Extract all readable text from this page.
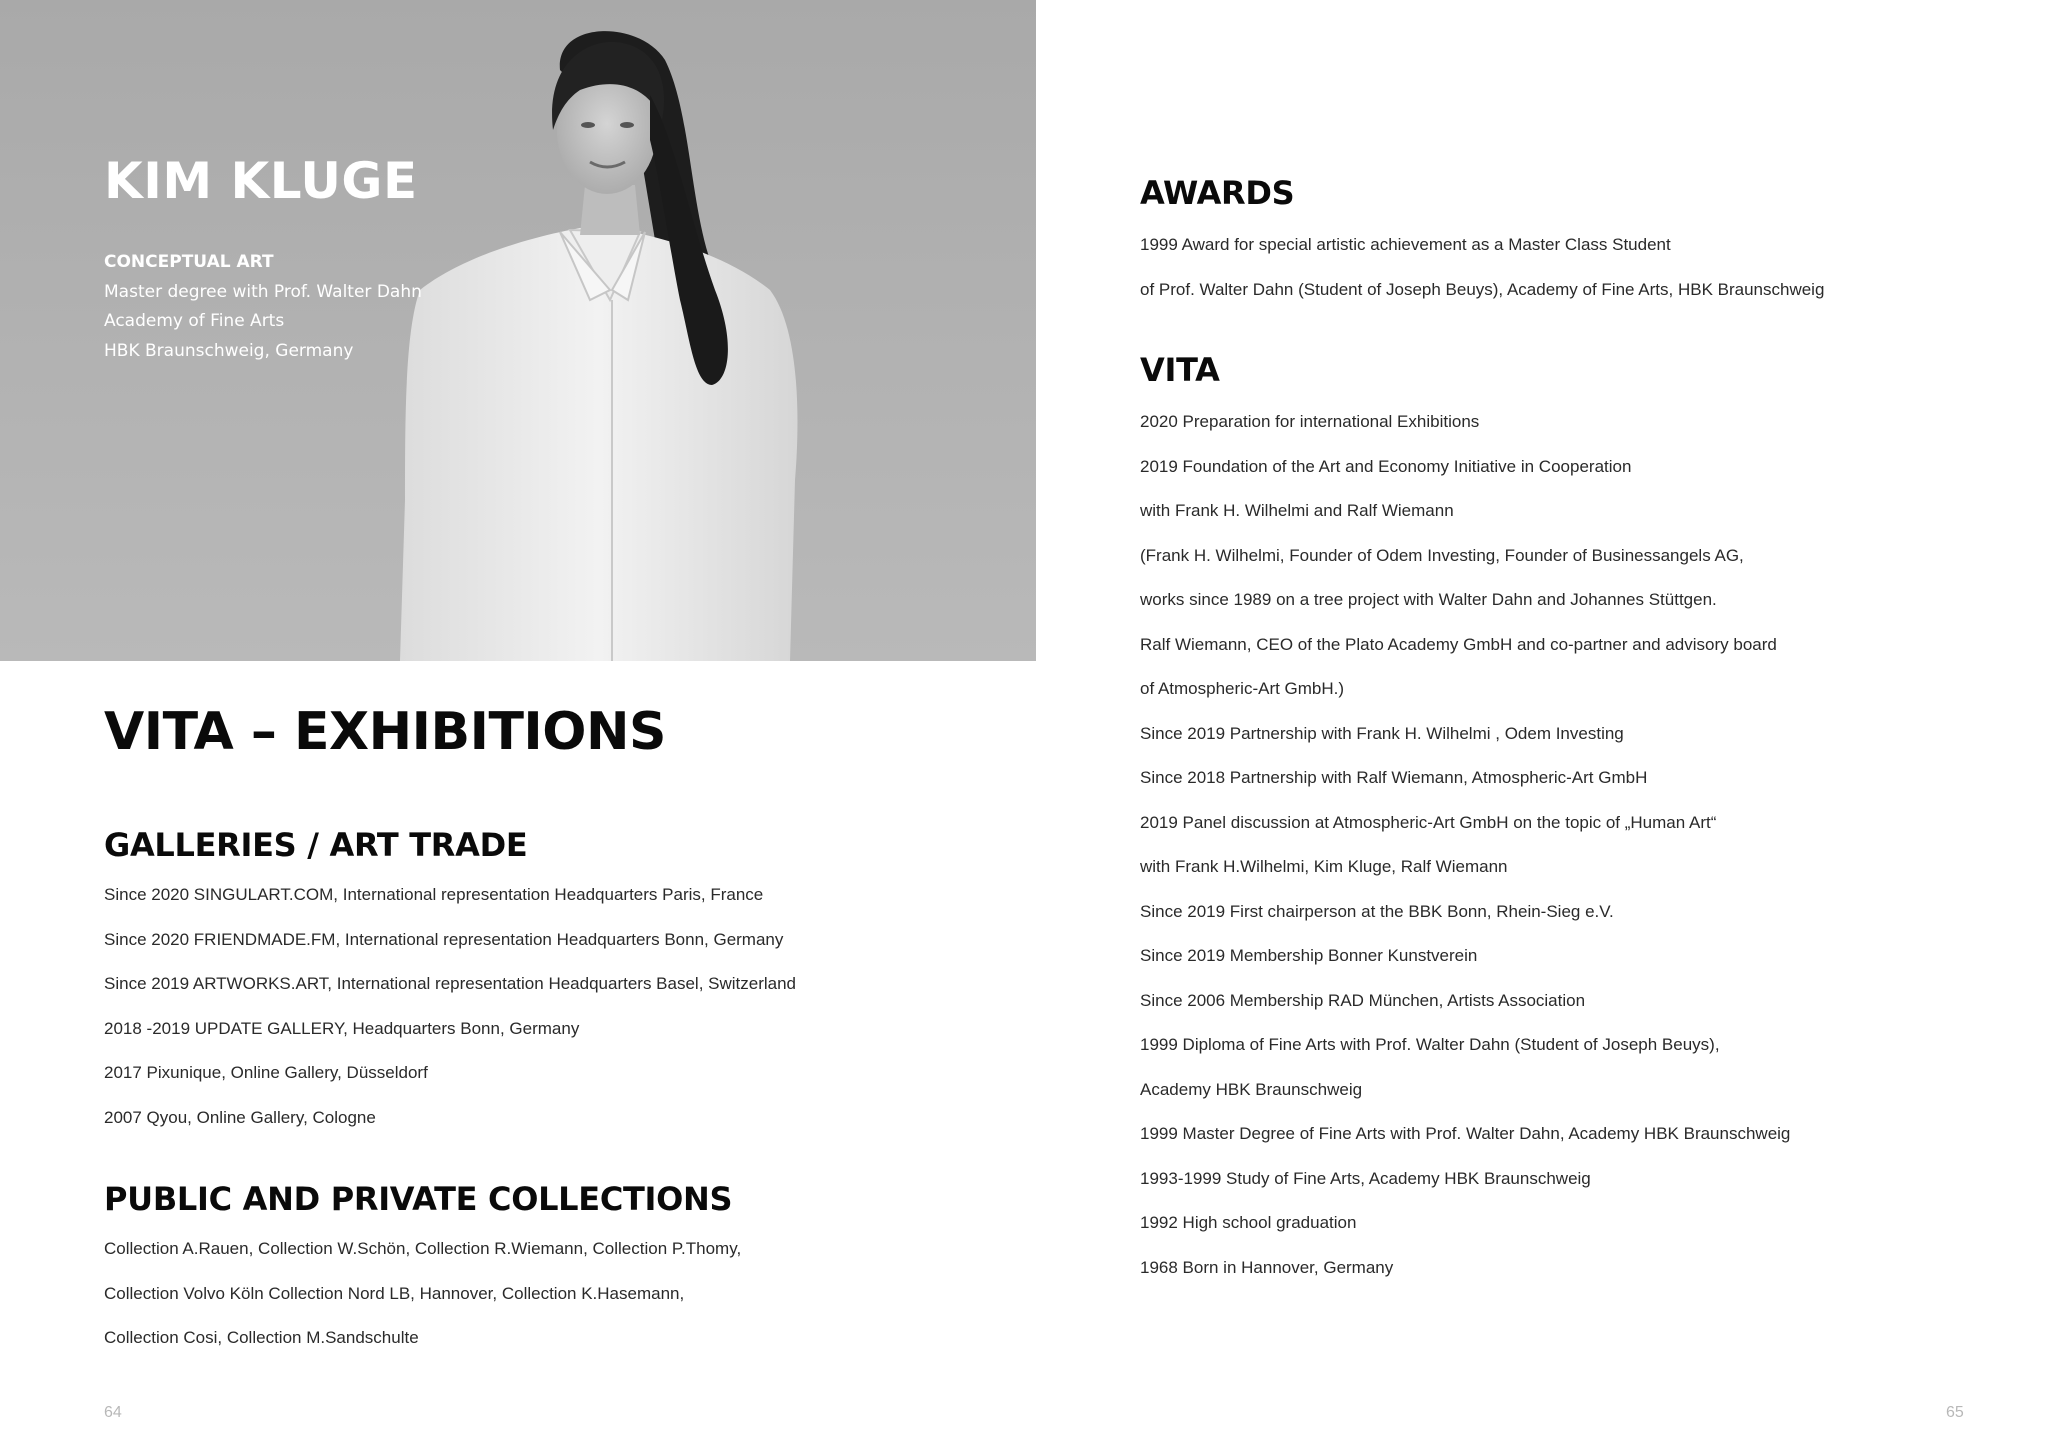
KIM KLUGE
CONCEPTUAL ART
Master degree with Prof. Walter Dahn
Academy of Fine Arts
HBK Braunschweig, Germany
VITA – EXHIBITIONS
GALLERIES / ART TRADE
Since 2020 SINGULART.COM, International representation Headquarters Paris, France
Since 2020 FRIENDMADE.FM, International representation Headquarters Bonn, Germany
Since 2019 ARTWORKS.ART, International representation Headquarters Basel, Switzerland
2018 -2019 UPDATE GALLERY, Headquarters Bonn, Germany
2017 Pixunique, Online Gallery, Düsseldorf
2007 Qyou, Online Gallery, Cologne
PUBLIC AND PRIVATE COLLECTIONS
Collection A.Rauen, Collection W.Schön, Collection R.Wiemann, Collection P.Thomy,
Collection Volvo Köln Collection Nord LB, Hannover, Collection K.Hasemann,
Collection Cosi, Collection M.Sandschulte
64
AWARDS
1999 Award for special artistic achievement as a Master Class Student
of Prof. Walter Dahn (Student of Joseph Beuys), Academy of Fine Arts, HBK Braunschweig
VITA
2020 Preparation for international Exhibitions
2019 Foundation of the Art and Economy Initiative in Cooperation
with Frank H. Wilhelmi and Ralf Wiemann
(Frank H. Wilhelmi, Founder of Odem Investing, Founder of Businessangels AG,
works since 1989 on a tree project with Walter Dahn and Johannes Stüttgen.
Ralf Wiemann, CEO of the Plato Academy GmbH and co-partner and advisory board
of Atmospheric-Art GmbH.)
Since 2019 Partnership with Frank H. Wilhelmi , Odem Investing
Since 2018 Partnership with Ralf Wiemann, Atmospheric-Art GmbH
2019 Panel discussion at Atmospheric-Art GmbH on the topic of „Human Art“
with Frank H.Wilhelmi, Kim Kluge, Ralf Wiemann
Since 2019 First chairperson at the BBK Bonn, Rhein-Sieg e.V.
Since 2019 Membership Bonner Kunstverein
Since 2006 Membership RAD München, Artists Association
1999 Diploma of Fine Arts with Prof. Walter Dahn (Student of Joseph Beuys),
Academy HBK Braunschweig
1999 Master Degree of Fine Arts with Prof. Walter Dahn, Academy HBK Braunschweig
1993-1999 Study of Fine Arts, Academy HBK Braunschweig
1992 High school graduation
1968 Born in Hannover, Germany
65
